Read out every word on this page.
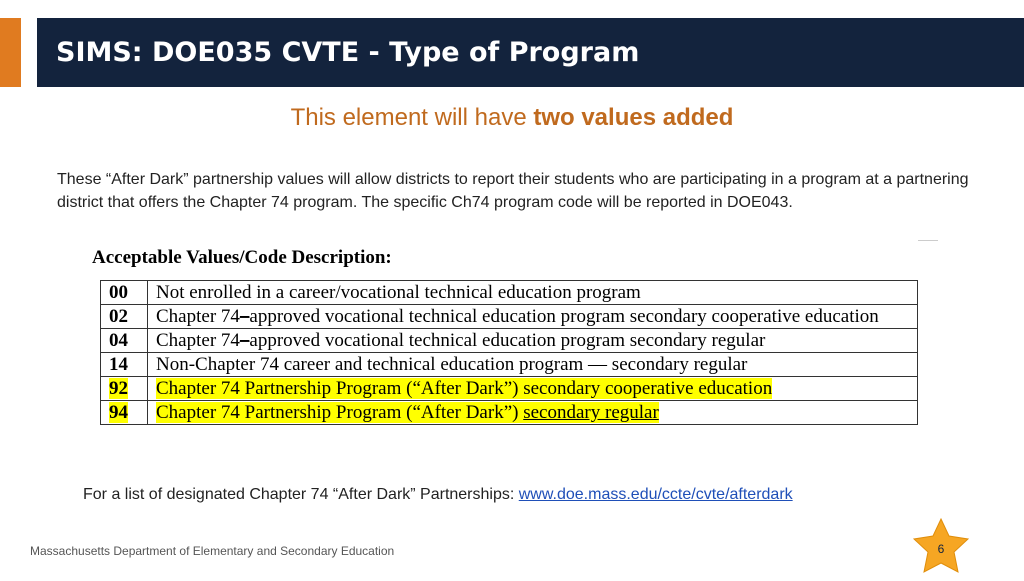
SIMS: DOE035 CVTE - Type of Program
This element will have two values added
These “After Dark” partnership values will allow districts to report their students who are participating in a program at a partnering district that offers the Chapter 74 program. The specific Ch74 program code will be reported in DOE043.
Acceptable Values/Code Description:
00	Not enrolled in a career/vocational technical education program
02	Chapter 74–approved vocational technical education program secondary cooperative education
04	Chapter 74–approved vocational technical education program secondary regular
14	Non-Chapter 74 career and technical education program — secondary regular
92	Chapter 74 Partnership Program (“After Dark”) secondary cooperative education
94	Chapter 74 Partnership Program (“After Dark”) secondary regular
For a list of designated Chapter 74 “After Dark” Partnerships: www.doe.mass.edu/ccte/cvte/afterdark
Massachusetts Department of Elementary and Secondary Education	6
